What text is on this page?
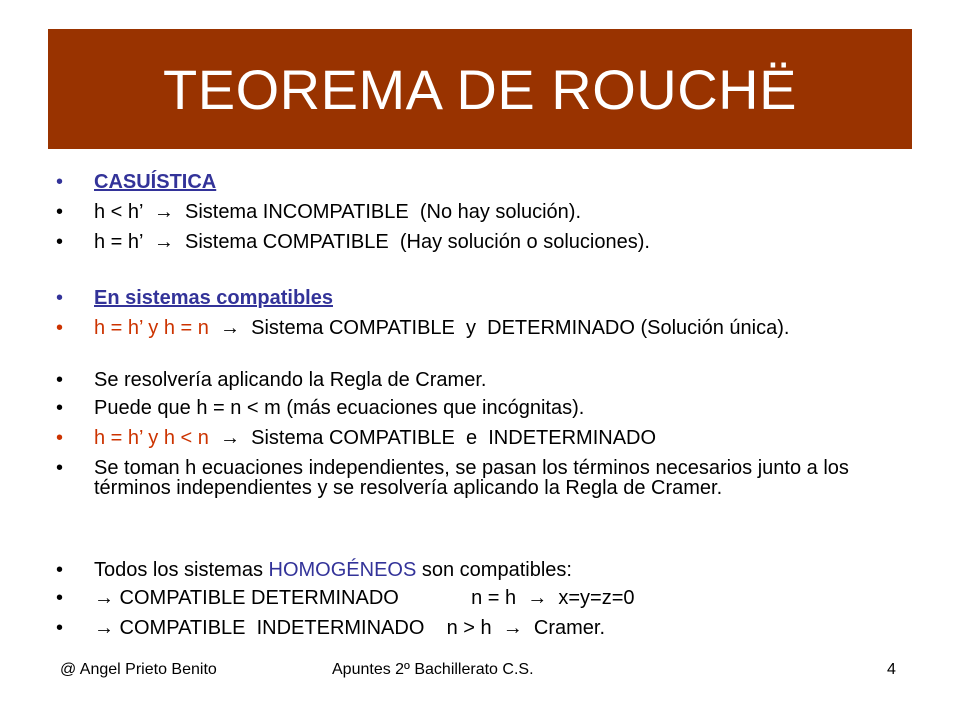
TEOREMA DE ROUCHË
•	CASUÍSTICA
•	h < h’  →  Sistema INCOMPATIBLE  (No hay solución).
•	h = h’  →  Sistema COMPATIBLE  (Hay solución o soluciones).
•	En sistemas compatibles
•	h = h’ y h = n →  Sistema COMPATIBLE  y  DETERMINADO (Solución única).
•	Se resolvería aplicando la Regla de Cramer.
•	Puede que h = n < m (más ecuaciones que incógnitas).
•	h = h’ y h < n →  Sistema COMPATIBLE  e  INDETERMINADO
•	Se toman h ecuaciones independientes, se pasan los términos necesarios junto a los términos independientes y se resolvería aplicando la Regla de Cramer.
•	Todos los sistemas HOMOGÉNEOS son compatibles:
•	→ COMPATIBLE DETERMINADO             n = h  →  x=y=z=0
•	→ COMPATIBLE  INDETERMINADO    n > h  →  Cramer.
@ Angel Prieto Benito	Apuntes 2º Bachillerato C.S.	4
